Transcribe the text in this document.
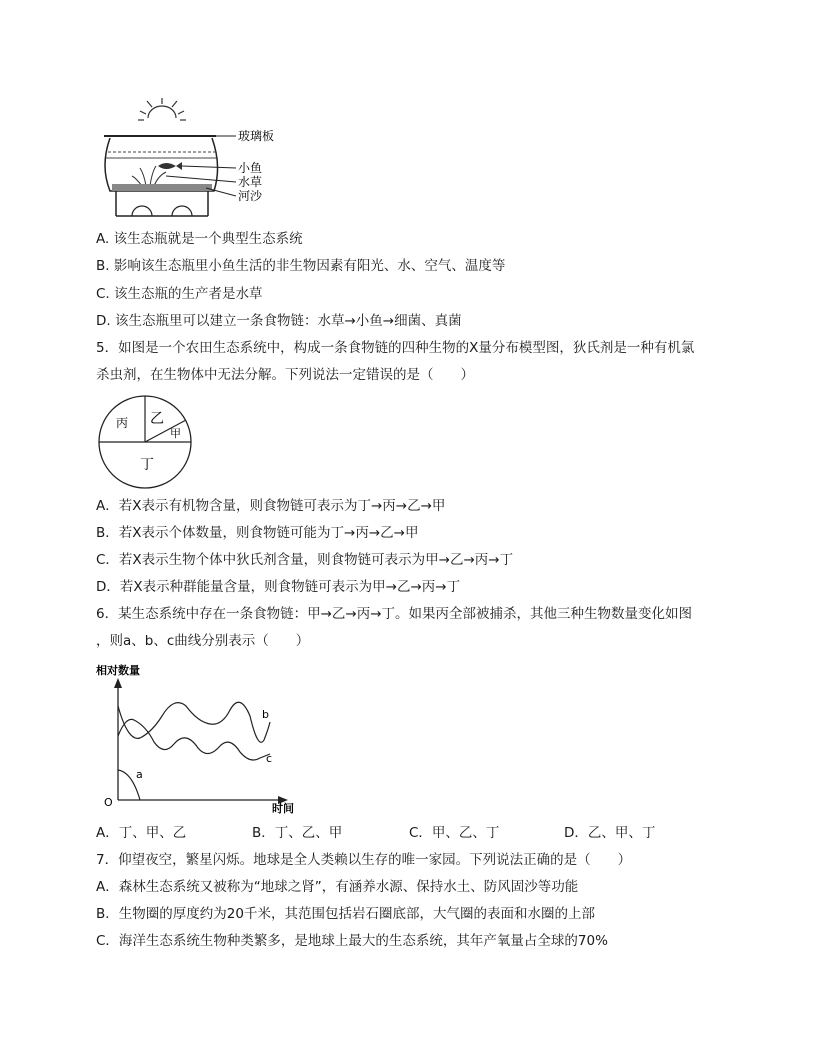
玻璃板
小鱼
水草
河沙
A. 该生态瓶就是一个典型生态系统
B. 影响该生态瓶里小鱼生活的非生物因素有阳光、水、空气、温度等
C. 该生态瓶的生产者是水草
D. 该生态瓶里可以建立一条食物链：水草→小鱼→细菌、真菌
5．如图是一个农田生态系统中，构成一条食物链的四种生物的X量分布模型图，狄氏剂是一种有机氯
杀虫剂，在生物体中无法分解。下列说法一定错误的是（　　）
丙 乙
甲
丁
A．若X表示有机物含量，则食物链可表示为丁→丙→乙→甲
B．若X表示个体数量，则食物链可能为丁→丙→乙→甲
C．若X表示生物个体中狄氏剂含量，则食物链可表示为甲→乙→丙→丁
D．若X表示种群能量含量，则食物链可表示为甲→乙→丙→丁
6．某生态系统中存在一条食物链：甲→乙→丙→丁。如果丙全部被捕杀，其他三种生物数量变化如图
，则a、b、c曲线分别表示（　　）
相对数量
O	时间
a
b
c
A．丁、甲、乙	B．丁、乙、甲	C．甲、乙、丁	D．乙、甲、丁
7．仰望夜空，繁星闪烁。地球是全人类赖以生存的唯一家园。下列说法正确的是（　　）
A．森林生态系统又被称为“地球之肾”，有涵养水源、保持水土、防风固沙等功能
B．生物圈的厚度约为20千米，其范围包括岩石圈底部，大气圈的表面和水圈的上部
C．海洋生态系统生物种类繁多，是地球上最大的生态系统，其年产氧量占全球的70%
